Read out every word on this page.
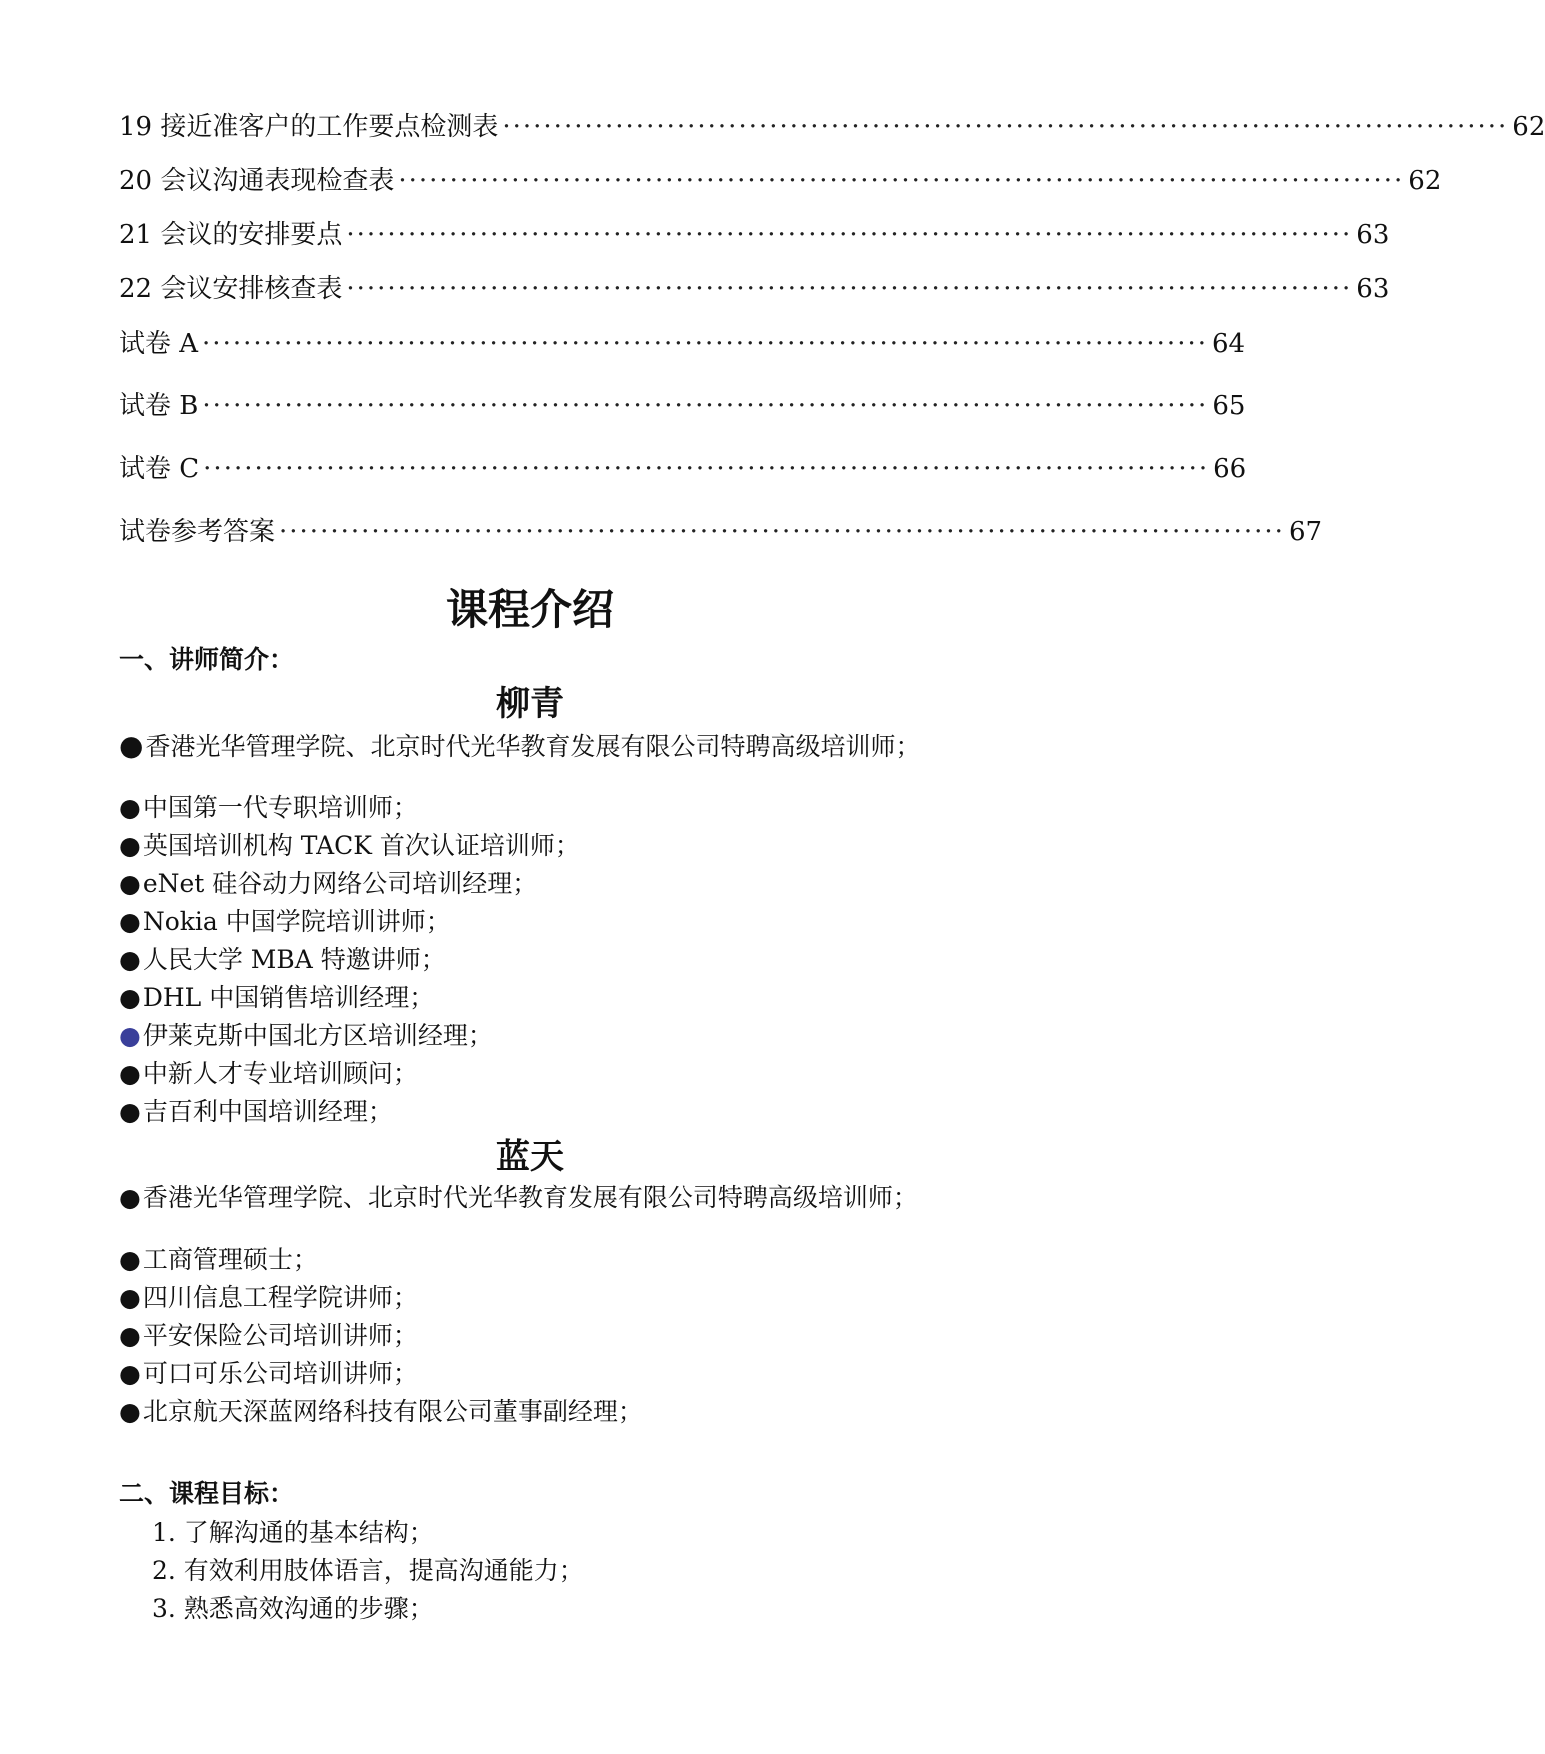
19 接近准客户的工作要点检测表 ·································································································· 62
20 会议沟通表现检查表 ·································································································· 62
21 会议的安排要点 ·································································································· 63
22 会议安排核查表 ·································································································· 63
试卷 A ·································································································· 64
试卷 B ·································································································· 65
试卷 C ·································································································· 66
试卷参考答案 ·································································································· 67
课程介绍
一、讲师简介：
柳青
●香港光华管理学院、北京时代光华教育发展有限公司特聘高级培训师；
●中国第一代专职培训师；
●英国培训机构 TACK 首次认证培训师；
●eNet 硅谷动力网络公司培训经理；
●Nokia 中国学院培训讲师；
●人民大学 MBA 特邀讲师；
●DHL 中国销售培训经理；
●伊莱克斯中国北方区培训经理；
●中新人才专业培训顾问；
●吉百利中国培训经理；
蓝天
●香港光华管理学院、北京时代光华教育发展有限公司特聘高级培训师；
●工商管理硕士；
●四川信息工程学院讲师；
●平安保险公司培训讲师；
●可口可乐公司培训讲师；
●北京航天深蓝网络科技有限公司董事副经理；
二、课程目标：
1. 了解沟通的基本结构；
2. 有效利用肢体语言，提高沟通能力；
3. 熟悉高效沟通的步骤；
